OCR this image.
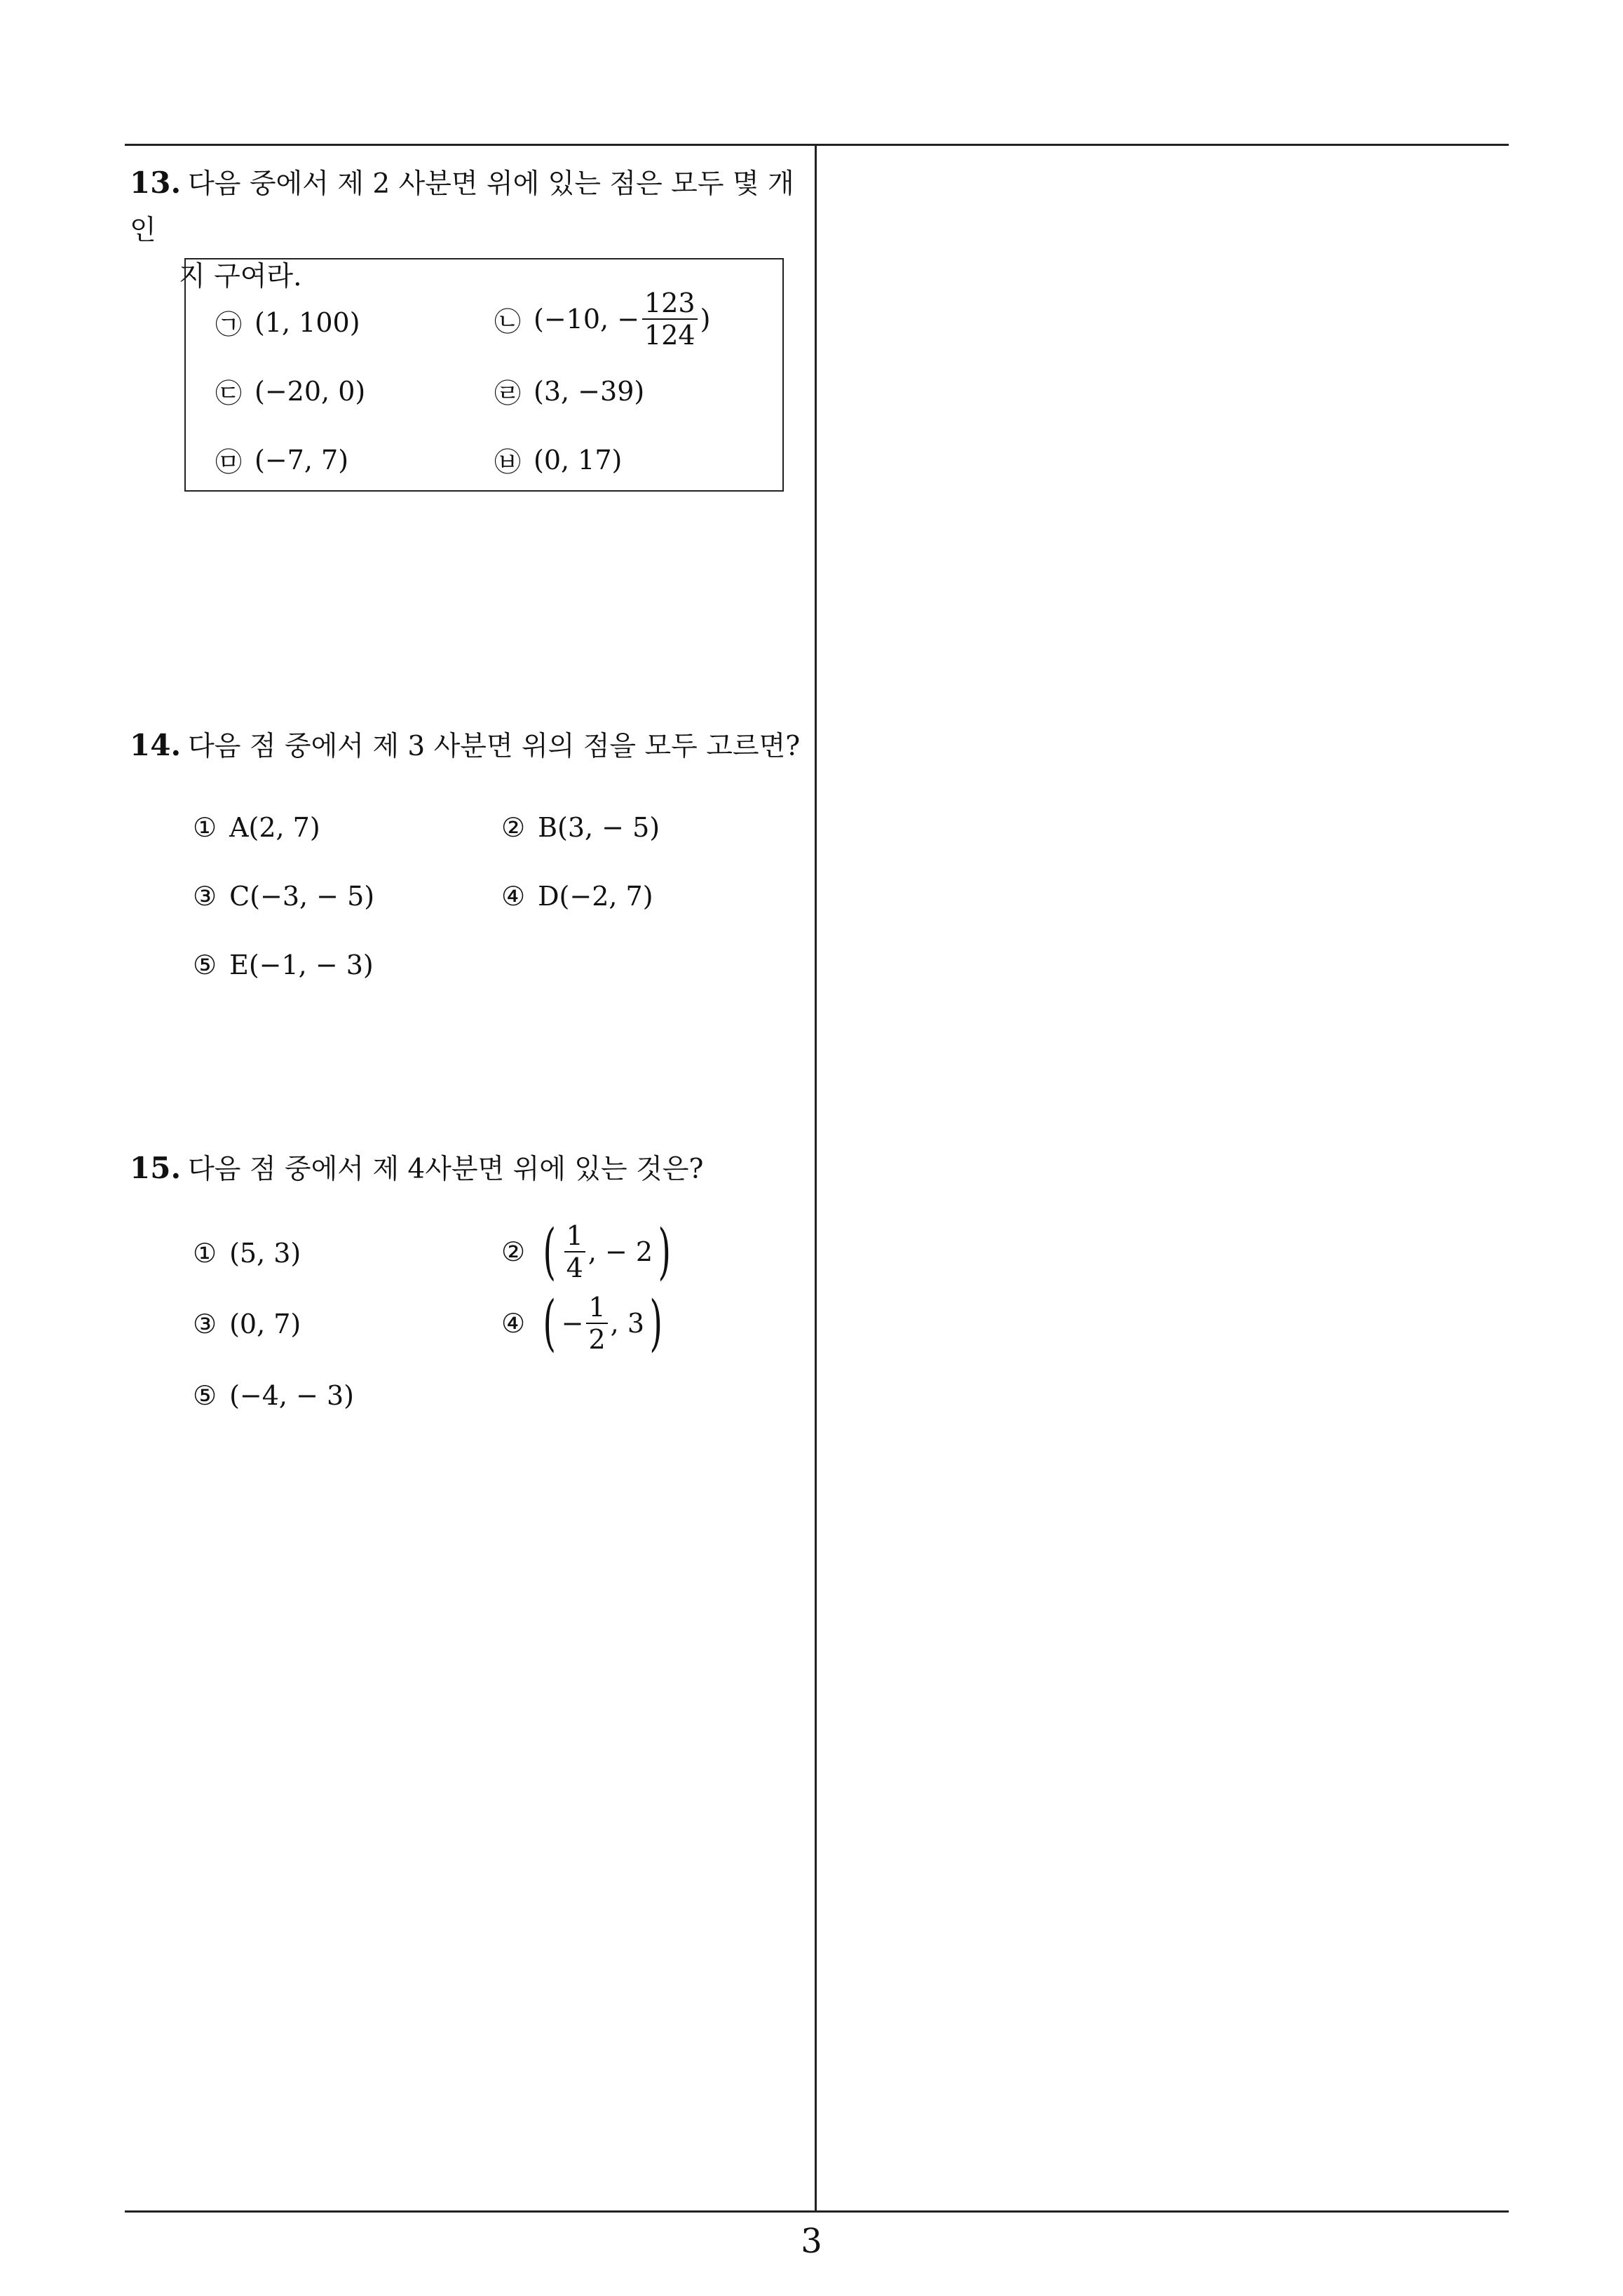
13. 다음 중에서 제 2 사분면 위에 있는 점은 모두 몇 개인
지 구여라.
㉠ (1, 100)	㉡ (−10, − $\frac{123}{124}$ )
㉢ (−20, 0)	㉣ (3, −39)
㉤ (−7, 7)	㉥ (0, 17)
14. 다음 점 중에서 제 3 사분면 위의 점을 모두 고르면?
① A(2, 7)	② B(3, − 5)
③ C(−3, − 5)	④ D(−2, 7)
⑤ E(−1, − 3)
15. 다음 점 중에서 제 4사분면 위에 있는 것은?
① (5, 3)	② ( $\frac{1}{4}$ , − 2 )
③ (0, 7)	④ ( − $\frac{1}{2}$ , 3 )
⑤ (−4, − 3)
3
